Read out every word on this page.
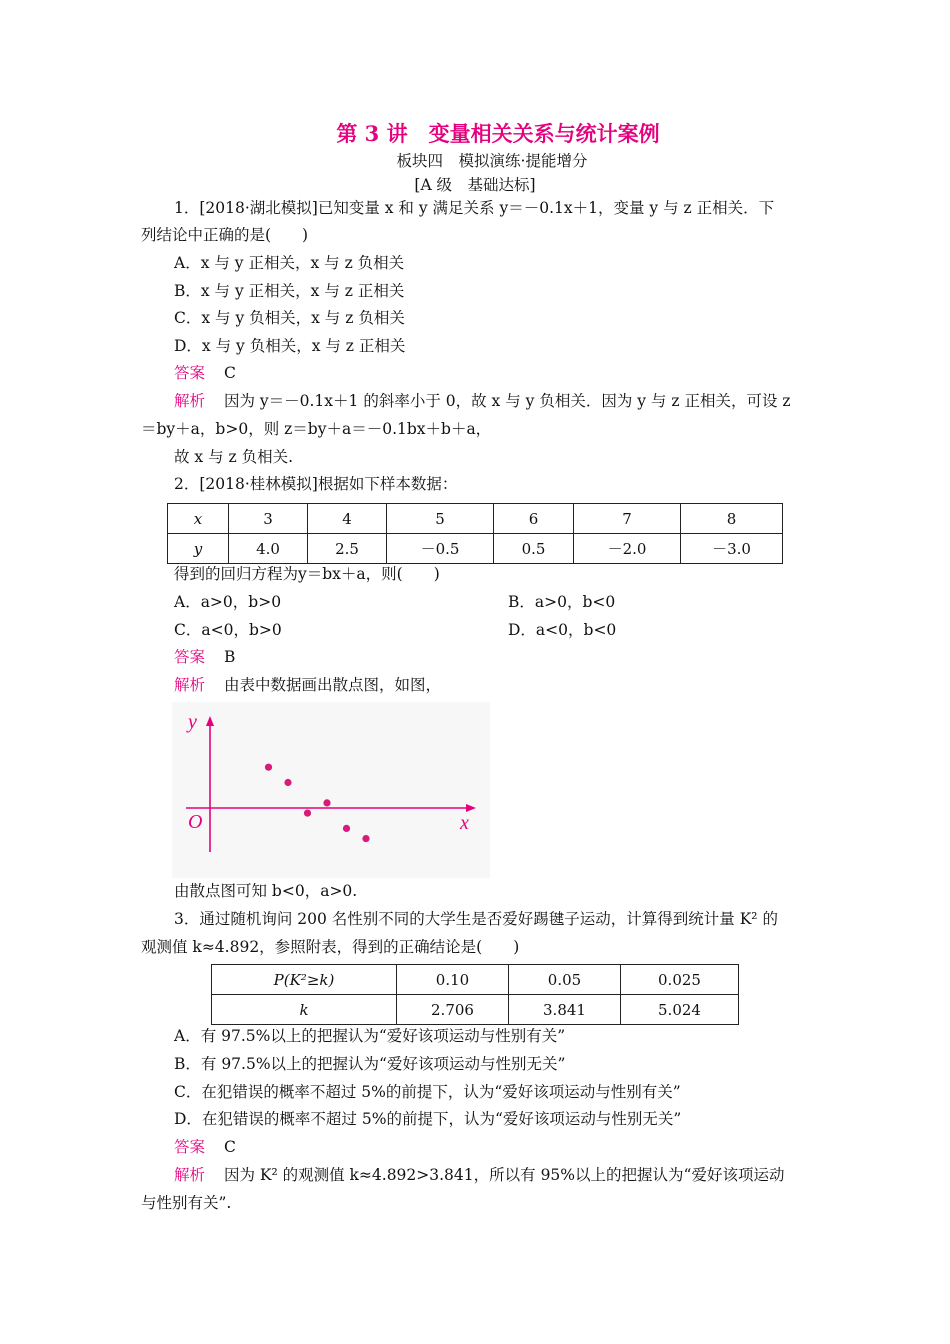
第 3 讲　变量相关关系与统计案例
板块四　模拟演练·提能增分
[A 级　基础达标]
1．[2018·湖北模拟]已知变量 x 和 y 满足关系 y＝－0.1x＋1，变量 y 与 z 正相关．下
列结论中正确的是(　　)
A．x 与 y 正相关，x 与 z 负相关
B．x 与 y 正相关，x 与 z 正相关
C．x 与 y 负相关，x 与 z 负相关
D．x 与 y 负相关，x 与 z 正相关
答案 C
解析 因为 y＝－0.1x＋1 的斜率小于 0，故 x 与 y 负相关．因为 y 与 z 正相关，可设 z
＝by＋a，b>0，则 z＝by＋a＝－0.1bx＋b＋a，
故 x 与 z 负相关.
2．[2018·桂林模拟]根据如下样本数据：
x	3	4	5	6	7	8
y	4.0	2.5	－0.5	0.5	－2.0	－3.0
得到的回归方程为y＝bx＋a，则(　　)
A．a>0，b>0	B．a>0，b<0
C．a<0，b>0	D．a<0，b<0
答案 B
解析 由表中数据画出散点图，如图，
x
y
O
由散点图可知 b<0，a>0.
3．通过随机询问 200 名性别不同的大学生是否爱好踢毽子运动，计算得到统计量 K² 的
观测值 k≈4.892，参照附表，得到的正确结论是(　　)
P(K²≥k)	0.10	0.05	0.025
k	2.706	3.841	5.024
A．有 97.5%以上的把握认为“爱好该项运动与性别有关”
B．有 97.5%以上的把握认为“爱好该项运动与性别无关”
C．在犯错误的概率不超过 5%的前提下，认为“爱好该项运动与性别有关”
D．在犯错误的概率不超过 5%的前提下，认为“爱好该项运动与性别无关”
答案 C
解析 因为 K² 的观测值 k≈4.892>3.841，所以有 95%以上的把握认为“爱好该项运动
与性别有关”.
